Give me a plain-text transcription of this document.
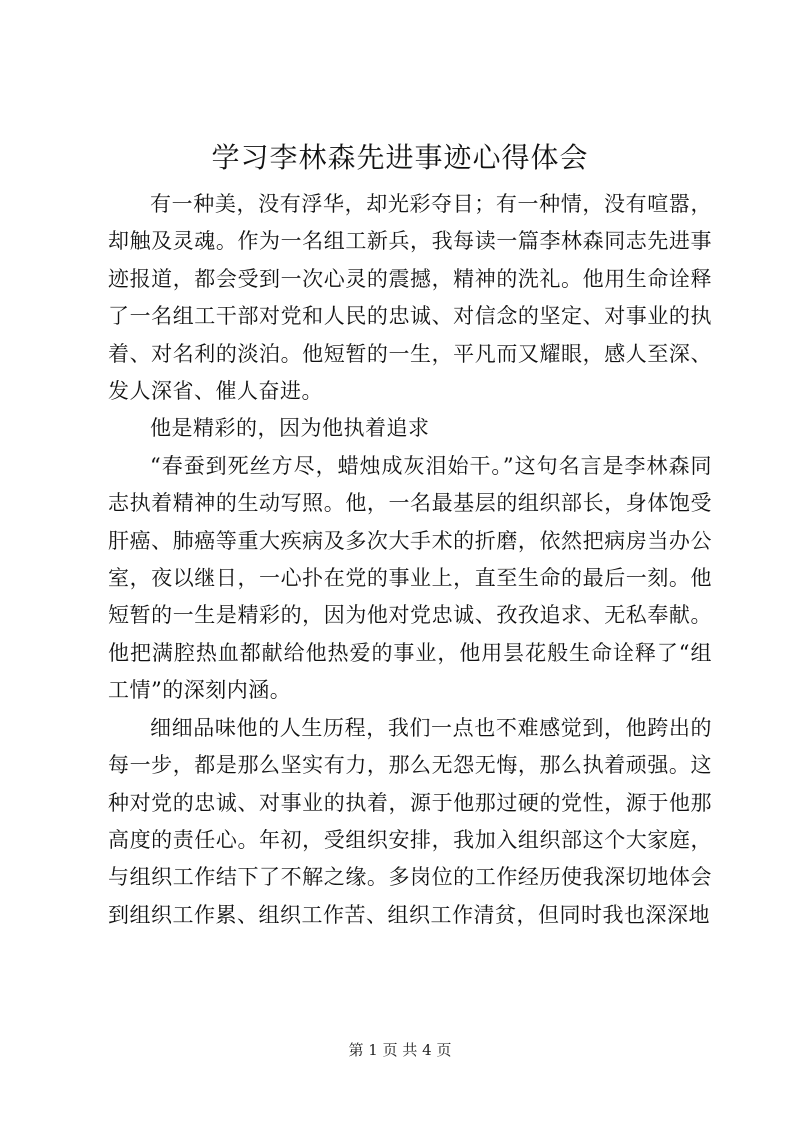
学习李林森先进事迹心得体会

有一种美，没有浮华，却光彩夺目；有一种情，没有喧嚣，却触及灵魂。作为一名组工新兵，我每读一篇李林森同志先进事迹报道，都会受到一次心灵的震撼，精神的洗礼。他用生命诠释了一名组工干部对党和人民的忠诚、对信念的坚定、对事业的执着、对名利的淡泊。他短暂的一生，平凡而又耀眼，感人至深、发人深省、催人奋进。

他是精彩的，因为他执着追求

“春蚕到死丝方尽，蜡烛成灰泪始干。”这句名言是李林森同志执着精神的生动写照。他，一名最基层的组织部长，身体饱受肝癌、肺癌等重大疾病及多次大手术的折磨，依然把病房当办公室，夜以继日，一心扑在党的事业上，直至生命的最后一刻。他短暂的一生是精彩的，因为他对党忠诚、孜孜追求、无私奉献。他把满腔热血都献给他热爱的事业，他用昙花般生命诠释了“组工情”的深刻内涵。

细细品味他的人生历程，我们一点也不难感觉到，他跨出的每一步，都是那么坚实有力，那么无怨无悔，那么执着顽强。这种对党的忠诚、对事业的执着，源于他那过硬的党性，源于他那高度的责任心。年初，受组织安排，我加入组织部这个大家庭，与组织工作结下了不解之缘。多岗位的工作经历使我深切地体会到组织工作累、组织工作苦、组织工作清贫，但同时我也深深地

第 1 页 共 4 页
